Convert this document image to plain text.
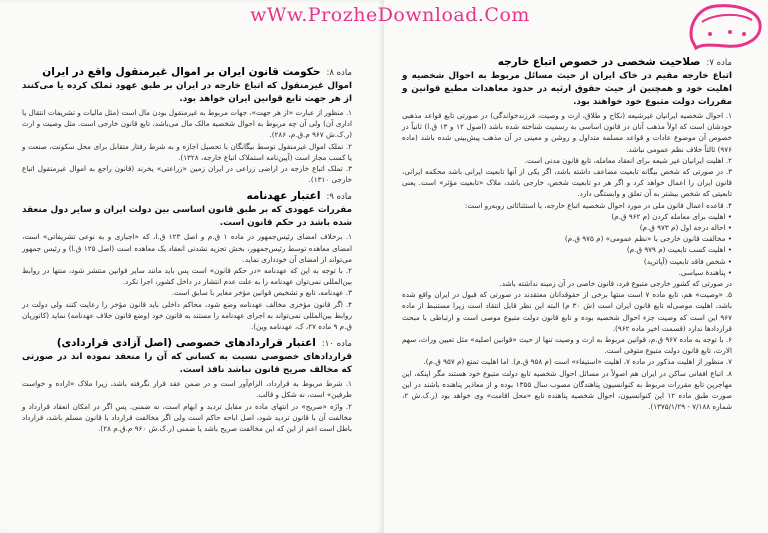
ماده ۸:
حکومت قانون ایران بر اموال غیرمنقول واقع در ایران
اموال غیرمنقول که اتباع خارجه در ایران بر طبق عهود تملک کرده یا می‌کنند از هر جهت تابع قوانین ایران خواهد بود.
۱. منظور از عبارت «از هر جهت»، جهات مربوط به غیرمنقول بودن مال است (مثل مالیات و تشریفات انتقال یا اداری آن) ولی آن چه مربوط به احوال شخصیه مالک مال می‌باشد، تابع قانون خارجی است. مثل وصیت و ارث (ر.ک.ش ۹۶۷ م.ق.م، ۲۸۶).
۲. تملک اموال غیرمنقول توسط بیگانگان با تحصیل اجازه و به شرط رفتار متقابل برای محل سکونت، صنعت و یا کسب مجاز است (آیین‌نامه استملاک اتباع خارجه، ۱۳۲۸).
۳. تملک اتباع خارجه در اراضی زراعی در ایران زمین «زراعتی» یخرند (قانون راجع به اموال غیرمنقول اتباع خارجی ۱۳۱۰).
ماده ۹:
اعتبار عهدنامه
مقررات عهودی که بر طبق قانون اساسی بین دولت ایران و سایر دول منعقد شده باشد در حکم قانون است.
۱. برخلاف امضای رئیس‌جمهور در ماده ۱ ق.م و اصل ۱۲۳ ق.ا، که «اجباری و به نوعی تشریفاتی» است، امضای معاهده توسط رئیس‌جمهور، بخش تجزیه نشدنی انعقاد یک معاهده است (اصل ۱۲۵ ق.ا) و رئیس جمهور می‌تواند از امضای آن خودداری نماید.
۲. با توجه به این که عهدنامه «در حکم قانون» است پس باید مانند سایر قوانین منتشر شود، منتها در روابط بین‌المللی نمی‌توان عهدنامه را به علت عدم انتشار در داخل کشور، اجرا نکرد.
۳. عهدنامه، تابع و تشخیص قوانین مؤخر مغایر با سابق است.
۴. اگر قانون مؤخری مخالف عهدنامه وضع شود، محاکم داخلی باید قانون مؤخر را رعایت کنند ولی دولت در روابط بین‌المللی نمی‌تواند به اجرای عهدنامه را مستند به قانون خود (وضع قانون خلاف عهدنامه) نماید (کاتوزیان ق.م ۹ ماده ۲۷، ک، عهدنامه وین).
ماده ۱۰:
اعتبار قراردادهای خصوصی (اصل آزادی قراردادی)
قراردادهای خصوصی نسبت به کسانی که آن را منعقد نموده اند در صورتی که مخالف صریح قانون نباشد نافذ است.
۱. شرط مربوط به قرارداد، الزام‌آور است و در ضمن عقد قرار نگرفته باشد، زیرا ملاک «اراده و خواست طرفین» است، نه شکل و قالب.
۲. واژه «صریح» در انتهای ماده در مقابل تردید و ابهام است، نه ضمنی. پس اگر در امکان انعقاد قرارداد و مخالفت آن با قانون تردید شود، اصل اباحه حاکم است ولی اگر مخالفت قرارداد با قانون مسلم باشد، قرارداد باطل است اعم از این که این مخالفت صریح باشد یا ضمنی (ر.ک.ش ۹۶۰ م.ق.م ۲۸).
ماده ۷:
صلاحیت شخصی در خصوص اتباع خارجه
اتباع خارجه مقیم در خاک ایران از حیث مسائل مربوط به احوال شخصیه و اهلیت خود و همچنین از حیث حقوق ارثیه در حدود معاهدات مطیع قوانین و مقررات دولت متبوع خود خواهند بود.
۱. احوال شخصیه ایرانیان غیرشیعه (نکاح و طلاق، ارث و وصیت، فرزندخواندگی) در صورتی تابع قواعد مذهبی خودشان است که اولاً مذهب آنان در قانون اساسی به رسمیت شناخته شده باشد (اصول ۱۲ و ۱۳ ق.ا) ثانیاً در خصوص آن موضوع عادات و قواعد مسلمه متداول و روشن و معینی در آن مذهب پیش‌بینی شده باشد (ماده ۹۷۶) ثالثاً خلاف نظم عمومی نباشد.
۲. اهلیت ایرانیان غیر شیعه برای انعقاد معامله، تابع قانون مدنی است.
۳. در صورتی که شخص بیگانه تابعیت مضاعف داشته باشد، اگر یکی از آنها تابعیت ایرانی باشد محکمه ایرانی، قانون ایران را اعمال خواهد کرد و اگر هر دو تابعیت شخص، خارجی باشد، ملاک «تابعیت مؤثر» است. یعنی تابعیتی که شخص بیشتر به آن تعلق و وابستگی دارد.
۴. قاعده اعمال قانون ملی در مورد احوال شخصیه اتباع خارجه، با استثنائاتی روبه‌رو است:
• اهلیت برای معامله کردن (م ۹۶۲ ق.م)
• احاله درجه اول (م ۹۷۳ ق.م)
• مخالفت قانون خارجی با «نظم عمومی» (م ۹۷۵ ق.م)
• اهلیت کسب تابعیت (م ۹۷۹ ق.م)
• شخص فاقد تابعیت (آپاترید)
• پناهندهٔ سیاسی.
در صورتی که کشور خارجی متبوع فرد، قانون خاصی در آن زمینه نداشته باشد.
۵. «وصیت» هم، تابع ماده ۷ است منتها برخی از حقوقدانان معتقدند در صورتی که قبول در ایران واقع شده باشد، اهلیت موصی‌له تابع قانون ایران است (ش ۳۰ م) البته این نظر قابل انتقاد است زیرا مستنبط از ماده ۹۶۷ این است که وصیت جزء احوال شخصیه بوده و تابع قانون دولت متبوع موصی است و ارتباطی با مبحث قراردادها ندارد (قسمت اخیر ماده ۹۶۲).
۶. با توجه به ماده ۹۶۷ ق.م، قوانین مربوط به ارث و وصیت تنها از حیث «قوانین اصلیه» مثل تعیین وراث، سهم الارث، تابع قانون دولت متبوع متوفی است.
۷. منظور از اهلیت مذکور در ماده ۷، اهلیت «استیفاء» است (م ۹۵۸ ق.م). اما اهلیت تمتع (م ۹۵۷ ق.م).
۸. اتباع افغانی ساکن در ایران هم اصولاً در مسائل احوال شخصیه تابع دولت متبوع خود هستند مگر اینکه، این مهاجرین تابع مقررات مربوط به کنوانسیون پناهندگان مصوب سال ۱۳۵۵ بوده و از معاذیر پناهنده باشند در این صورت طبق ماده ۱۲ این کنوانسیون، احوال شخصیه پناهنده تابع «محل اقامت» وی خواهد بود (ر.ک.ش ۲، شماره ۷/۱۸۸ - ۱۳۷۵/۱/۲۹).
wWw.ProzheDownload.Com
